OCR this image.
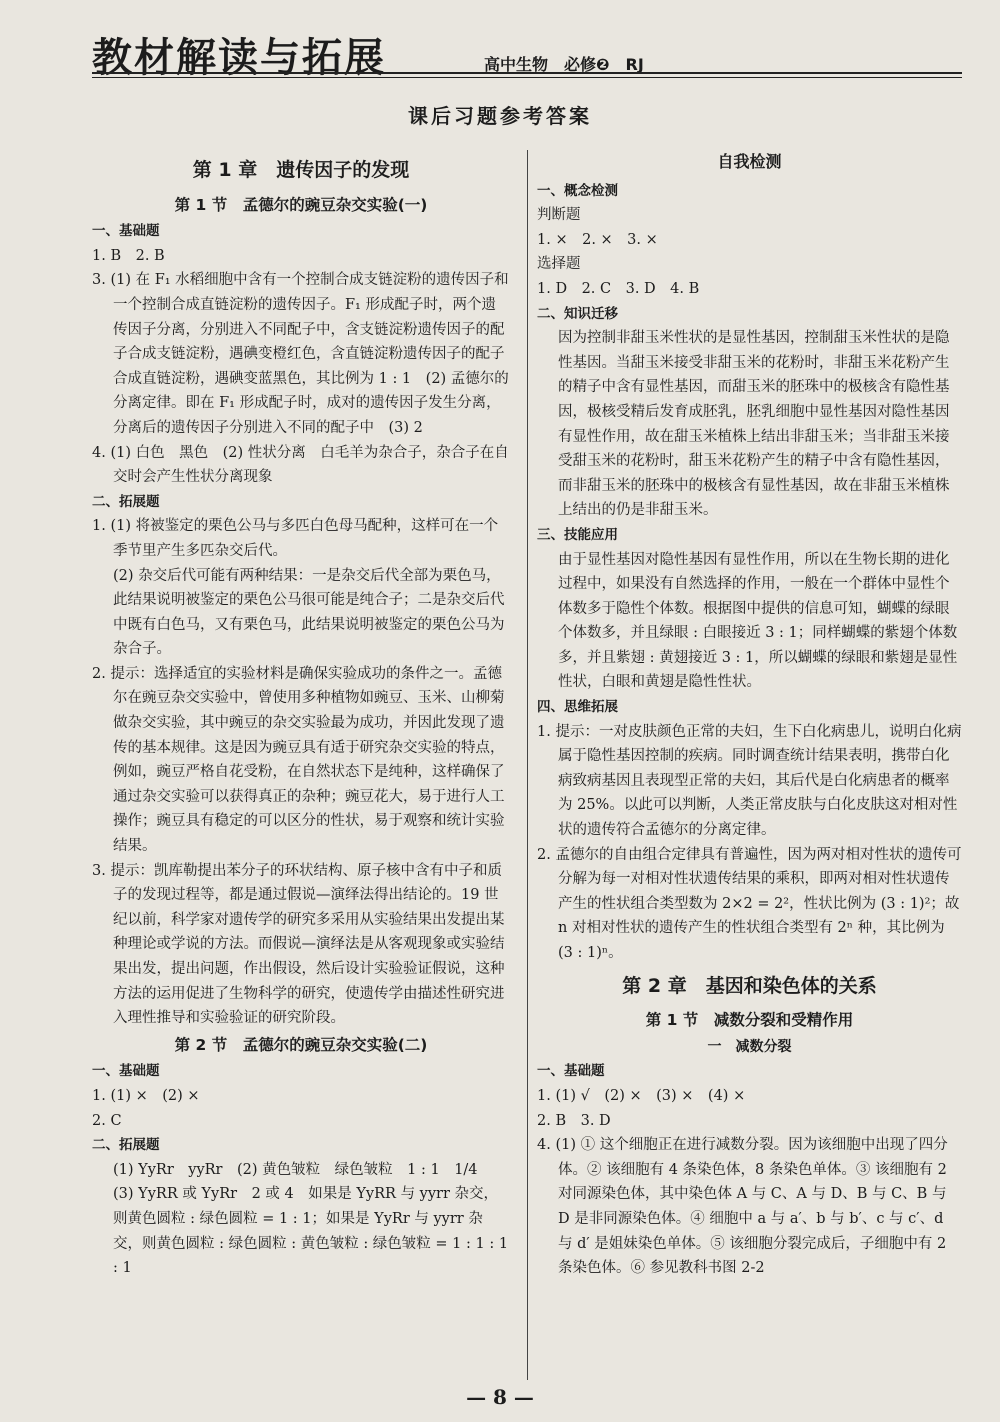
教材解读与拓展	高中生物　必修❷　RJ
课后习题参考答案
第 1 章　遗传因子的发现
第 1 节　孟德尔的豌豆杂交实验(一)

一、基础题

1. B　2. B

3. (1) 在 F₁ 水稻细胞中含有一个控制合成支链淀粉的遗传因子和一个控制合成直链淀粉的遗传因子。F₁ 形成配子时，两个遗传因子分离，分别进入不同配子中，含支链淀粉遗传因子的配子合成支链淀粉，遇碘变橙红色，含直链淀粉遗传因子的配子合成直链淀粉，遇碘变蓝黑色，其比例为 1 : 1　(2) 孟德尔的分离定律。即在 F₁ 形成配子时，成对的遗传因子发生分离，分离后的遗传因子分别进入不同的配子中　(3) 2

4. (1) 白色　黑色　(2) 性状分离　白毛羊为杂合子，杂合子在自交时会产生性状分离现象

二、拓展题

1. (1) 将被鉴定的栗色公马与多匹白色母马配种，这样可在一个季节里产生多匹杂交后代。

(2) 杂交后代可能有两种结果：一是杂交后代全部为栗色马，此结果说明被鉴定的栗色公马很可能是纯合子；二是杂交后代中既有白色马，又有栗色马，此结果说明被鉴定的栗色公马为杂合子。

2. 提示：选择适宜的实验材料是确保实验成功的条件之一。孟德尔在豌豆杂交实验中，曾使用多种植物如豌豆、玉米、山柳菊做杂交实验，其中豌豆的杂交实验最为成功，并因此发现了遗传的基本规律。这是因为豌豆具有适于研究杂交实验的特点，例如，豌豆严格自花受粉，在自然状态下是纯种，这样确保了通过杂交实验可以获得真正的杂种；豌豆花大，易于进行人工操作；豌豆具有稳定的可以区分的性状，易于观察和统计实验结果。

3. 提示：凯库勒提出苯分子的环状结构、原子核中含有中子和质子的发现过程等，都是通过假说—演绎法得出结论的。19 世纪以前，科学家对遗传学的研究多采用从实验结果出发提出某种理论或学说的方法。而假说—演绎法是从客观现象或实验结果出发，提出问题，作出假设，然后设计实验验证假说，这种方法的运用促进了生物科学的研究，使遗传学由描述性研究进入理性推导和实验验证的研究阶段。

第 2 节　孟德尔的豌豆杂交实验(二)

一、基础题

1. (1) ×　(2) ×

2. C

二、拓展题

(1) YyRr　yyRr　(2) 黄色皱粒　绿色皱粒　1 : 1　1/4

(3) YyRR 或 YyRr　2 或 4　如果是 YyRR 与 yyrr 杂交，则黄色圆粒 : 绿色圆粒 = 1 : 1；如果是 YyRr 与 yyrr 杂交，则黄色圆粒 : 绿色圆粒 : 黄色皱粒 : 绿色皱粒 = 1 : 1 : 1 : 1

自我检测

一、概念检测

判断题

1. ×　2. ×　3. ×

选择题

1. D　2. C　3. D　4. B

二、知识迁移

因为控制非甜玉米性状的是显性基因，控制甜玉米性状的是隐性基因。当甜玉米接受非甜玉米的花粉时，非甜玉米花粉产生的精子中含有显性基因，而甜玉米的胚珠中的极核含有隐性基因，极核受精后发育成胚乳，胚乳细胞中显性基因对隐性基因有显性作用，故在甜玉米植株上结出非甜玉米；当非甜玉米接受甜玉米的花粉时，甜玉米花粉产生的精子中含有隐性基因，而非甜玉米的胚珠中的极核含有显性基因，故在非甜玉米植株上结出的仍是非甜玉米。

三、技能应用

由于显性基因对隐性基因有显性作用，所以在生物长期的进化过程中，如果没有自然选择的作用，一般在一个群体中显性个体数多于隐性个体数。根据图中提供的信息可知，蝴蝶的绿眼个体数多，并且绿眼 : 白眼接近 3 : 1；同样蝴蝶的紫翅个体数多，并且紫翅 : 黄翅接近 3 : 1，所以蝴蝶的绿眼和紫翅是显性性状，白眼和黄翅是隐性性状。

四、思维拓展

1. 提示：一对皮肤颜色正常的夫妇，生下白化病患儿，说明白化病属于隐性基因控制的疾病。同时调查统计结果表明，携带白化病致病基因且表现型正常的夫妇，其后代是白化病患者的概率为 25%。以此可以判断，人类正常皮肤与白化皮肤这对相对性状的遗传符合孟德尔的分离定律。

2. 孟德尔的自由组合定律具有普遍性，因为两对相对性状的遗传可分解为每一对相对性状遗传结果的乘积，即两对相对性状遗传产生的性状组合类型数为 2×2 = 2²，性状比例为 (3 : 1)²；故 n 对相对性状的遗传产生的性状组合类型有 2ⁿ 种，其比例为 (3 : 1)ⁿ。

第 2 章　基因和染色体的关系
第 1 节　减数分裂和受精作用
一　减数分裂

一、基础题

1. (1) √　(2) ×　(3) ×　(4) ×

2. B　3. D

4. (1) ① 这个细胞正在进行减数分裂。因为该细胞中出现了四分体。② 该细胞有 4 条染色体，8 条染色单体。③ 该细胞有 2 对同源染色体，其中染色体 A 与 C、A 与 D、B 与 C、B 与 D 是非同源染色体。④ 细胞中 a 与 a′、b 与 b′、c 与 c′、d 与 d′ 是姐妹染色单体。⑤ 该细胞分裂完成后，子细胞中有 2 条染色体。⑥ 参见教科书图 2-2

— 8 —
